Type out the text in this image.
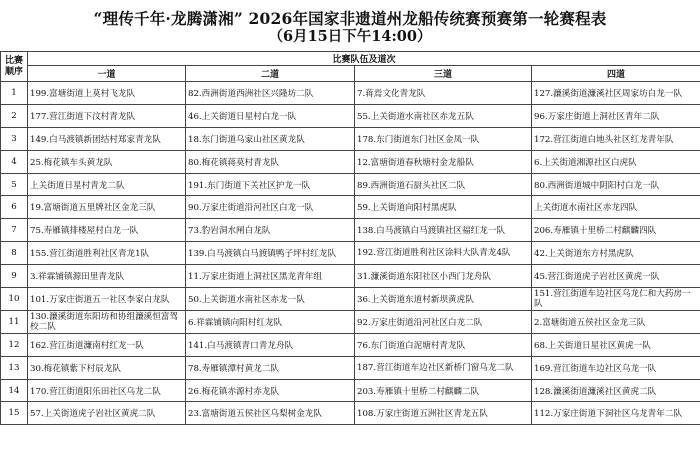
“理传千年·龙腾潇湘” 2026年国家非遗道州龙船传统赛预赛第一轮赛程表
（6月15日下午14:00）
比赛顺序	比赛队伍及道次			
	一道	二道	三道	四道
1	199.富塘街道上莫村飞龙队	82.西洲街道西洲社区兴隆坊二队	7.蒋焉文化青龙队	127.濂溪街道濂溪社区周家坊白龙一队
2	177.营江街道下汶村青龙队	46.上关街道日星村白龙一队	55.上关街道水南社区赤龙五队	96.万家庄街道上洞社区青年二队
3	149.白马渡镇新团结村郑家青龙队	18.东门街道乌家山社区黄龙队	178.东门街道东门社区金凤一队	172.营江街道白地头社区红龙青年队
4	25.梅花镇车头黄龙队	80.梅花镇蒋莫村青龙队	12.富塘街道春秋塘村金龙船队	6.上关街道湘源社区白虎队
5	上关街道日星村青龙二队	191.东门街道下关社区护龙一队	89.西洲街道石厨头社区二队	80.西洲街道城中阴阳村白龙一队
6	19.富塘街道五里牌社区金龙三队	90.万家庄街道沿河社区白龙一队	59.上关街道向阳村黑虎队	上关街道水南社区赤龙四队
7	75.寿雁镇排楼屋村白龙一队	73.豹岩洞水闸白龙队	138.白马渡镇白马渡镇社区福红龙一队	206.寿雁镇十里桥二村麒麟四队
8	155.营江街道胜利社区青龙1队	139.白马渡镇白马渡镇鸭子坪村红龙队	192.营江街道胜利社区涂料大队青龙4队	42.上关街道东方村黑虎队
9	3.祥霖铺镇源田里青龙队	11.万家庄街道上洞社区黑龙青年组	31.濂溪街道东阳社区小西门龙舟队	45.营江街道虎子岩社区黄虎一队
10	101.万家庄街道五一社区李家白龙队	50.上关街道水南社区赤龙一队	36.上关街道东道村新坝黄虎队	151.营江街道车边社区乌龙仁和大药房一队
11	130.濂溪街道东阳坊和协组濂溪恒富驾校二队	6.祥霖铺镇向阳村红龙队	92.万家庄街道沿河社区白龙二队	2.富塘街道五侯社区金龙三队
12	162.营江街道濂南村红龙一队	141.白马渡镇青口青龙舟队	76.东门街道白泥塘村青龙队	68.上关街道日星社区黄虎一队
13	30.梅花镇紫下村辰龙队	78.寿雁镇潭村黄龙二队	187.营江街道车边社区新桥门窗乌龙二队	169.营江街道车边社区乌龙一队
14	170.营江街道阳乐田社区乌龙二队	26.梅花镇赤源村赤龙队	203.寿雁镇十里桥二村麒麟二队	128.濂溪街道濂溪社区黄虎二队
15	57.上关街道虎子岩社区黄虎二队	23.富塘街道五侯社区乌梨树金龙队	108.万家庄街道五洲社区青龙五队	112.万家庄街道下洞社区乌龙青年二队
